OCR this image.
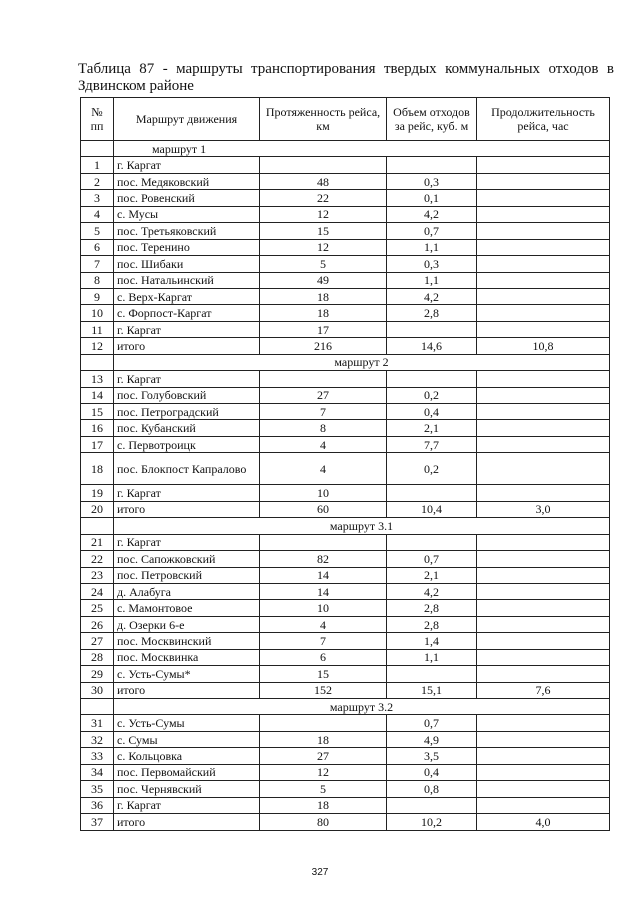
Таблица 87 - маршруты транспортирования твердых коммунальных отходов в Здвинском районе
№ пп	Маршрут движения	Протяженность рейса, км	Объем отходов за рейс, куб. м	Продолжительность рейса, час
	маршрут 1			
1	г. Каргат			
2	пос. Медяковский	48	0,3	
3	пос. Ровенский	22	0,1	
4	с. Мусы	12	4,2	
5	пос. Третьяковский	15	0,7	
6	пос. Теренино	12	1,1	
7	пос. Шибаки	5	0,3	
8	пос. Натальинский	49	1,1	
9	с. Верх-Каргат	18	4,2	
10	с. Форпост-Каргат	18	2,8	
11	г. Каргат	17		
12	итого	216	14,6	10,8
	маршрут 2			
13	г. Каргат			
14	пос. Голубовский	27	0,2	
15	пос. Петроградский	7	0,4	
16	пос. Кубанский	8	2,1	
17	с. Первотроицк	4	7,7	
18	пос. Блокпост Капралово	4	0,2	
19	г. Каргат	10		
20	итого	60	10,4	3,0
	маршрут 3.1			
21	г. Каргат			
22	пос. Сапожковский	82	0,7	
23	пос. Петровский	14	2,1	
24	д. Алабуга	14	4,2	
25	с. Мамонтовое	10	2,8	
26	д. Озерки 6-е	4	2,8	
27	пос. Москвинский	7	1,4	
28	пос. Москвинка	6	1,1	
29	с. Усть-Сумы*	15		
30	итого	152	15,1	7,6
	маршрут 3.2			
31	с. Усть-Сумы		0,7	
32	с. Сумы	18	4,9	
33	с. Кольцовка	27	3,5	
34	пос. Первомайский	12	0,4	
35	пос. Чернявский	5	0,8	
36	г. Каргат	18		
37	итого	80	10,2	4,0
327
